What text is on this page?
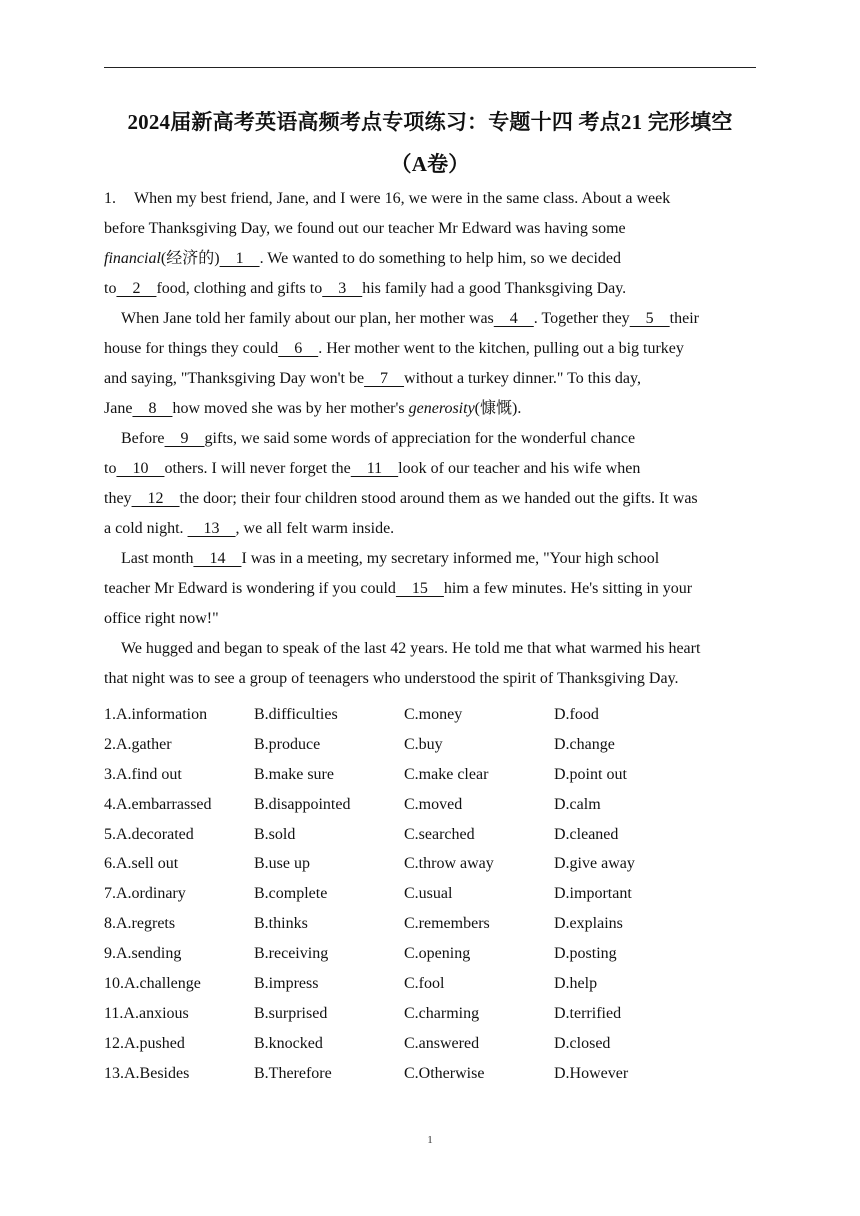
2024届新高考英语高频考点专项练习：专题十四 考点21 完形填空
（A卷）
1. When my best friend, Jane, and I were 16, we were in the same class. About a week
before Thanksgiving Day, we found out our teacher Mr Edward was having some
financial(经济的)    1    . We wanted to do something to help him, so we decided
to    2    food, clothing and gifts to    3    his family had a good Thanksgiving Day.
When Jane told her family about our plan, her mother was    4    . Together they    5    their
house for things they could    6    . Her mother went to the kitchen, pulling out a big turkey
and saying, "Thanksgiving Day won't be    7    without a turkey dinner." To this day,
Jane    8    how moved she was by her mother's generosity(慷慨).
Before    9    gifts, we said some words of appreciation for the wonderful chance
to    10    others. I will never forget the    11    look of our teacher and his wife when
they    12    the door; their four children stood around them as we handed out the gifts. It was
a cold night.     13    , we all felt warm inside.
Last month    14    I was in a meeting, my secretary informed me, "Your high school
teacher Mr Edward is wondering if you could    15    him a few minutes. He's sitting in your
office right now!"
We hugged and began to speak of the last 42 years. He told me that what warmed his heart
that night was to see a group of teenagers who understood the spirit of Thanksgiving Day.
1.A.information	B.difficulties	C.money	D.food
2.A.gather	B.produce	C.buy	D.change
3.A.find out	B.make sure	C.make clear	D.point out
4.A.embarrassed	B.disappointed	C.moved	D.calm
5.A.decorated	B.sold	C.searched	D.cleaned
6.A.sell out	B.use up	C.throw away	D.give away
7.A.ordinary	B.complete	C.usual	D.important
8.A.regrets	B.thinks	C.remembers	D.explains
9.A.sending	B.receiving	C.opening	D.posting
10.A.challenge	B.impress	C.fool	D.help
11.A.anxious	B.surprised	C.charming	D.terrified
12.A.pushed	B.knocked	C.answered	D.closed
13.A.Besides	B.Therefore	C.Otherwise	D.However
1
